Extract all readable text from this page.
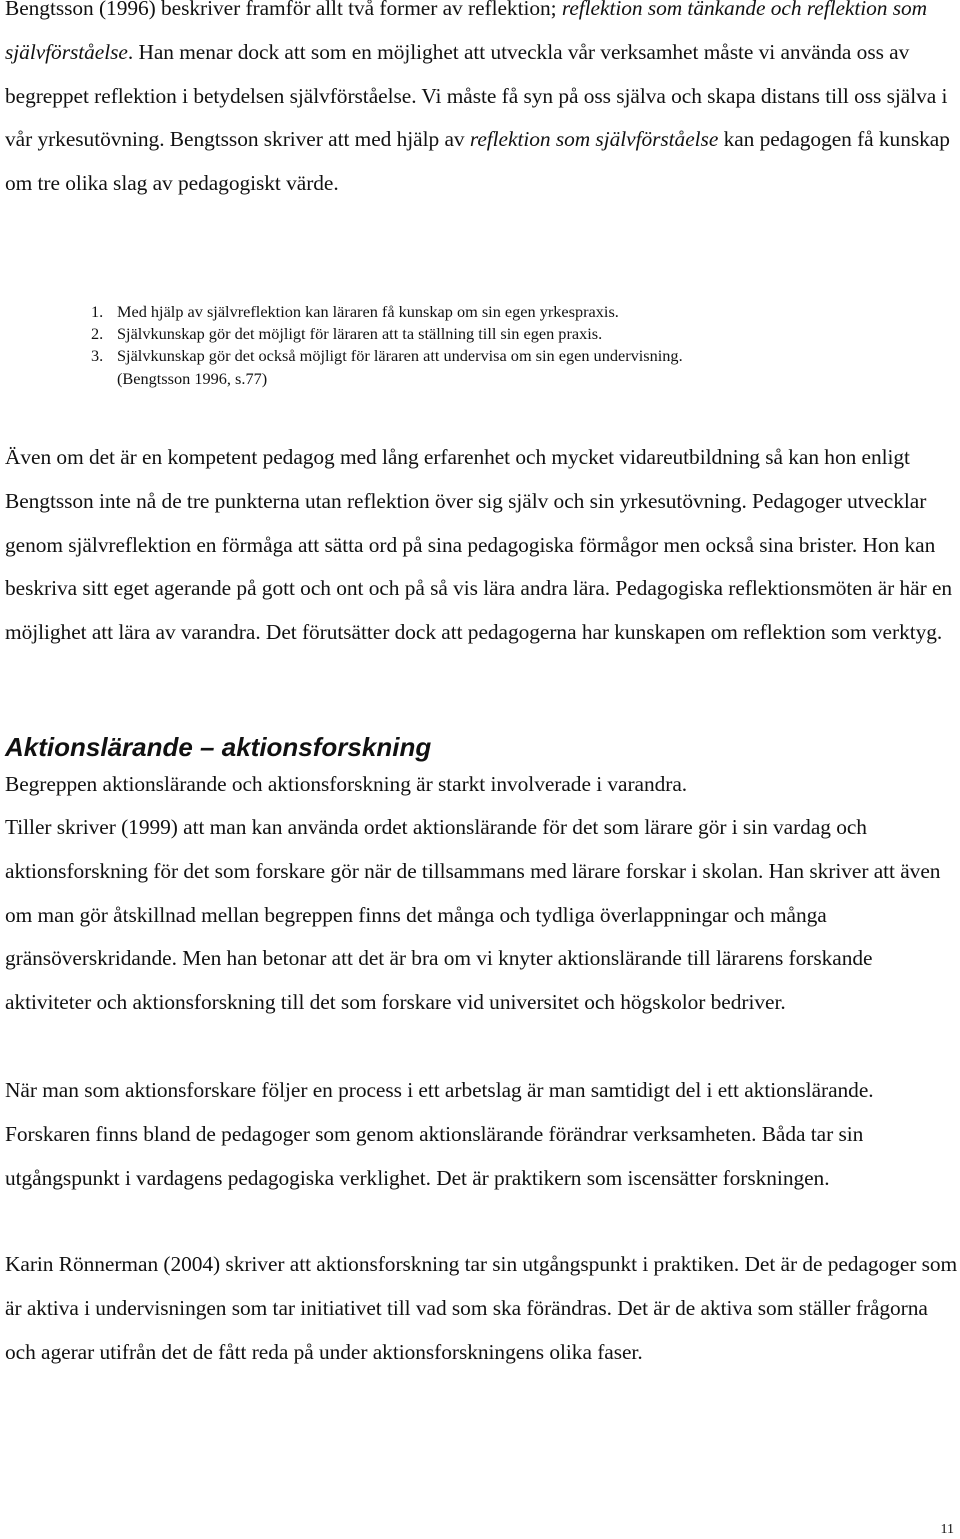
Bengtsson (1996) beskriver framför allt två former av reflektion; reflektion som tänkande och reflektion som självförståelse. Han menar dock att som en möjlighet att utveckla vår verksamhet måste vi använda oss av begreppet reflektion i betydelsen självförståelse. Vi måste få syn på oss själva och skapa distans till oss själva i vår yrkesutövning. Bengtsson skriver att med hjälp av reflektion som självförståelse kan pedagogen få kunskap om tre olika slag av pedagogiskt värde.

1. Med hjälp av självreflektion kan läraren få kunskap om sin egen yrkespraxis.
2. Självkunskap gör det möjligt för läraren att ta ställning till sin egen praxis.
3. Självkunskap gör det också möjligt för läraren att undervisa om sin egen undervisning.
(Bengtsson 1996, s.77)

Även om det är en kompetent pedagog med lång erfarenhet och mycket vidareutbildning så kan hon enligt Bengtsson inte nå de tre punkterna utan reflektion över sig själv och sin yrkesutövning. Pedagoger utvecklar genom självreflektion en förmåga att sätta ord på sina pedagogiska förmågor men också sina brister. Hon kan beskriva sitt eget agerande på gott och ont och på så vis lära andra lära. Pedagogiska reflektionsmöten är här en möjlighet att lära av varandra. Det förutsätter dock att pedagogerna har kunskapen om reflektion som verktyg.

Aktionslärande – aktionsforskning

Begreppen aktionslärande och aktionsforskning är starkt involverade i varandra.

Tiller skriver (1999) att man kan använda ordet aktionslärande för det som lärare gör i sin vardag och aktionsforskning för det som forskare gör när de tillsammans med lärare forskar i skolan. Han skriver att även om man gör åtskillnad mellan begreppen finns det många och tydliga överlappningar och många gränsöverskridande. Men han betonar att det är bra om vi knyter aktionslärande till lärarens forskande aktiviteter och aktionsforskning till det som forskare vid universitet och högskolor bedriver.

När man som aktionsforskare följer en process i ett arbetslag är man samtidigt del i ett aktionslärande. Forskaren finns bland de pedagoger som genom aktionslärande förändrar verksamheten. Båda tar sin utgångspunkt i vardagens pedagogiska verklighet. Det är praktikern som iscensätter forskningen.

Karin Rönnerman (2004) skriver att aktionsforskning tar sin utgångspunkt i praktiken. Det är de pedagoger som är aktiva i undervisningen som tar initiativet till vad som ska förändras. Det är de aktiva som ställer frågorna och agerar utifrån det de fått reda på under aktionsforskningens olika faser.

11
